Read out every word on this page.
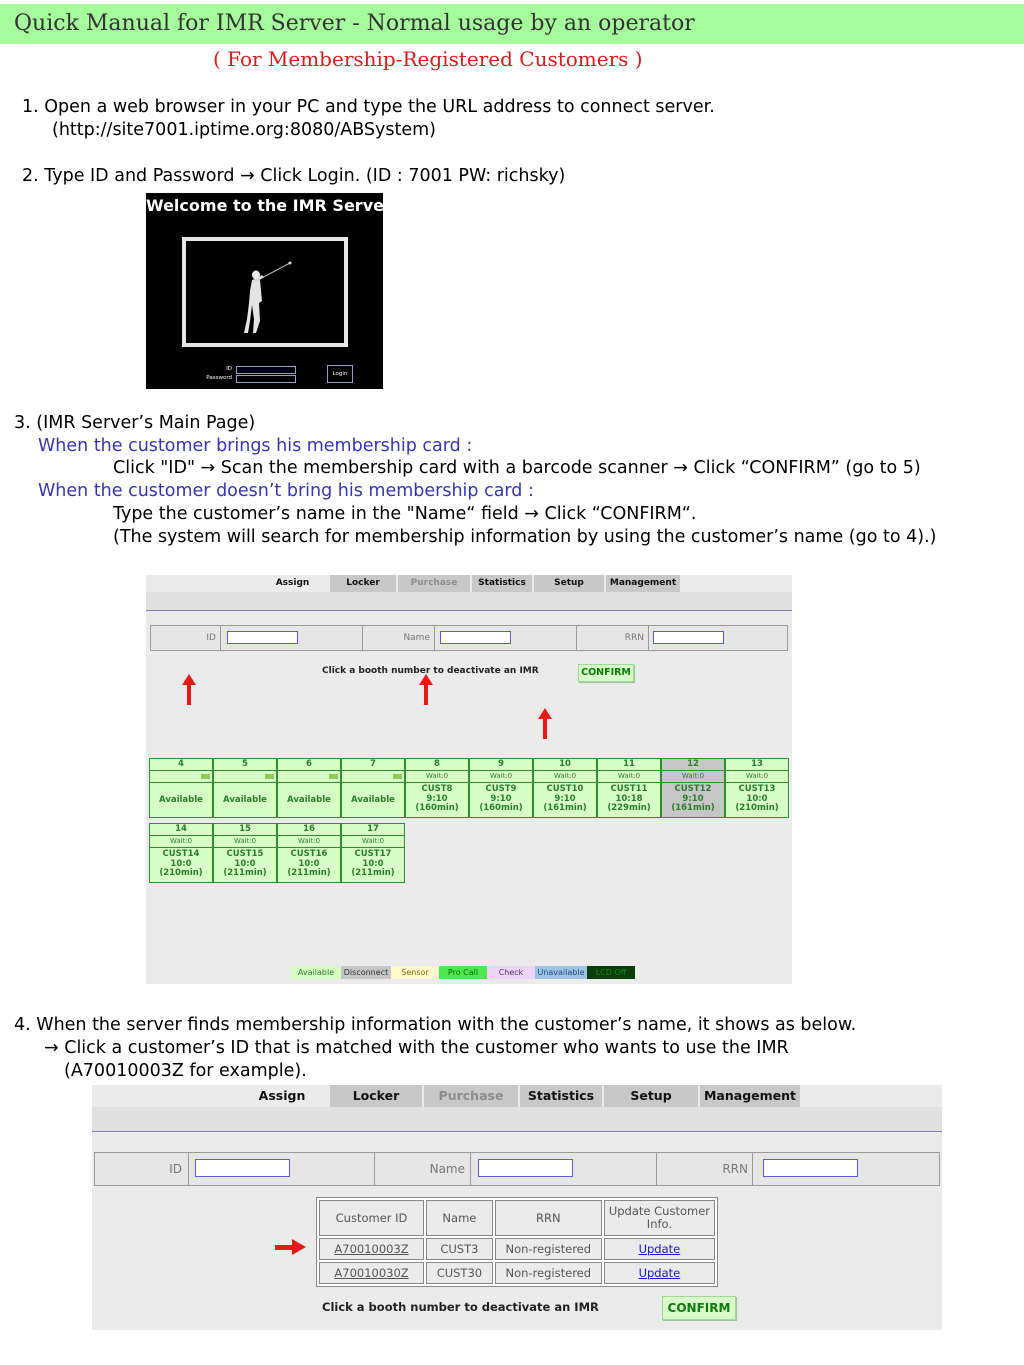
Quick Manual for IMR Server - Normal usage by an operator
( For Membership-Registered Customers )
1. Open a web browser in your PC and type the URL address to connect server.
(http://site7001.iptime.org:8080/ABSystem)
2. Type ID and Password → Click Login. (ID : 7001 PW: richsky)
Welcome to the IMR Server
ID
Password
Login
3. (IMR Server’s Main Page)
When the customer brings his membership card :
Click "ID" → Scan the membership card with a barcode scanner → Click “CONFIRM” (go to 5)
When the customer doesn’t bring his membership card :
Type the customer’s name in the "Name“ field → Click “CONFIRM“.
(The system will search for membership information by using the customer’s name (go to 4).)
Assign	Locker	Purchase	Statistics	Setup	Management
ID	Name	RRN
Click a booth number to deactivate an IMR	CONFIRM
4
Available
5
Available
6
Available
7
Available
8
Wait:0
CUST8
9:10
(160min)
9
Wait:0
CUST9
9:10
(160min)
10
Wait:0
CUST10
9:10
(161min)
11
Wait:0
CUST11
10:18
(229min)
12
Wait:0
CUST12
9:10
(161min)
13
Wait:0
CUST13
10:0
(210min)
14
Wait:0
CUST14
10:0
(210min)
15
Wait:0
CUST15
10:0
(211min)
16
Wait:0
CUST16
10:0
(211min)
17
Wait:0
CUST17
10:0
(211min)
Available	Disconnect	Sensor	Pro Call	Check	Unavailable	LCD Off
4. When the server finds membership information with the customer’s name, it shows as below.
→ Click a customer’s ID that is matched with the customer who wants to use the IMR
(A70010003Z for example).
Assign	Locker	Purchase	Statistics	Setup	Management
ID	Name	RRN
Customer ID	Name	RRN	Update Customer Info.
A70010003Z	CUST3	Non-registered	Update
A70010030Z	CUST30	Non-registered	Update
Click a booth number to deactivate an IMR	CONFIRM
